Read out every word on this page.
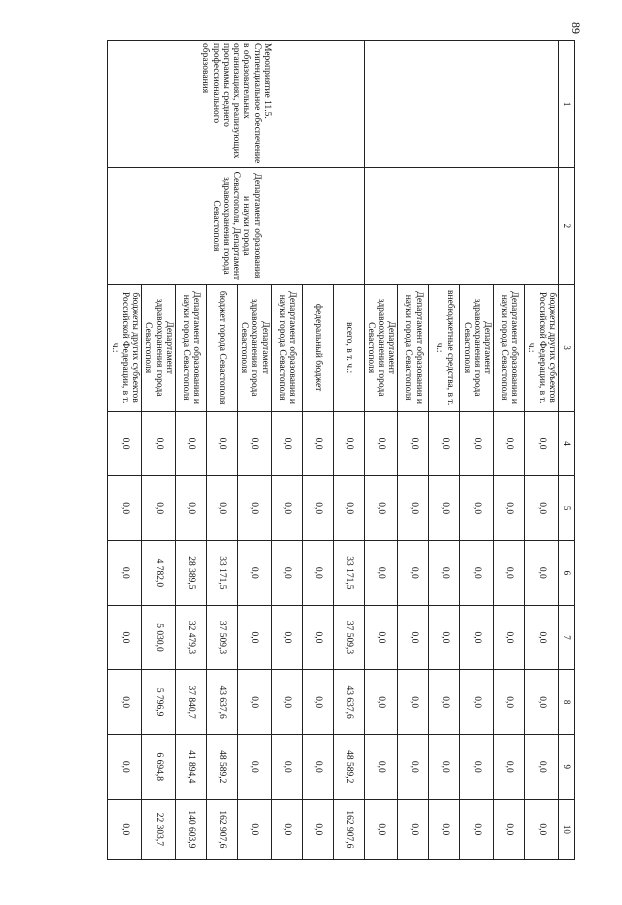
89
1	2	3	4	5	6	7	8	9	10
		бюджеты других субъектов Российской Федерации, в т. ч.:	0,0	0,0	0,0	0,0	0,0	0,0	0,0
		Департамент образования и науки города Севастополя	0,0	0,0	0,0	0,0	0,0	0,0	0,0
		Департамент здравоохранения города Севастополя	0,0	0,0	0,0	0,0	0,0	0,0	0,0
		внебюджетные средства, в т. ч.:	0,0	0,0	0,0	0,0	0,0	0,0	0,0
		Департамент образования и науки города Севастополя	0,0	0,0	0,0	0,0	0,0	0,0	0,0
		Департамент здравоохранения города Севастополя	0,0	0,0	0,0	0,0	0,0	0,0	0,0
Мероприятие 11.5. Стипендиальное обеспечение в образовательных организациях, реализующих программы среднего профессионального образования	Департамент образования и науки города Севастополя, Департамент здравоохранения города Севастополя	всего, в т. ч.:	0,0	0,0	33 171,5	37 509,3	43 637,6	48 589,2	162 907,6
		федеральный бюджет	0,0	0,0	0,0	0,0	0,0	0,0	0,0
		Департамент образования и науки города Севастополя	0,0	0,0	0,0	0,0	0,0	0,0	0,0
		Департамент здравоохранения города Севастополя	0,0	0,0	0,0	0,0	0,0	0,0	0,0
		бюджет города Севастополя	0,0	0,0	33 171,5	37 509,3	43 637,6	48 589,2	162 907,6
		Департамент образования и науки города Севастополя	0,0	0,0	28 389,5	32 479,3	37 840,7	41 894,4	140 603,9
		Департамент здравоохранения города Севастополя	0,0	0,0	4 782,0	5 030,0	5 796,9	6 694,8	22 303,7
		бюджеты других субъектов Российской Федерации, в т. ч.:	0,0	0,0	0,0	0,0	0,0	0,0	0,0
